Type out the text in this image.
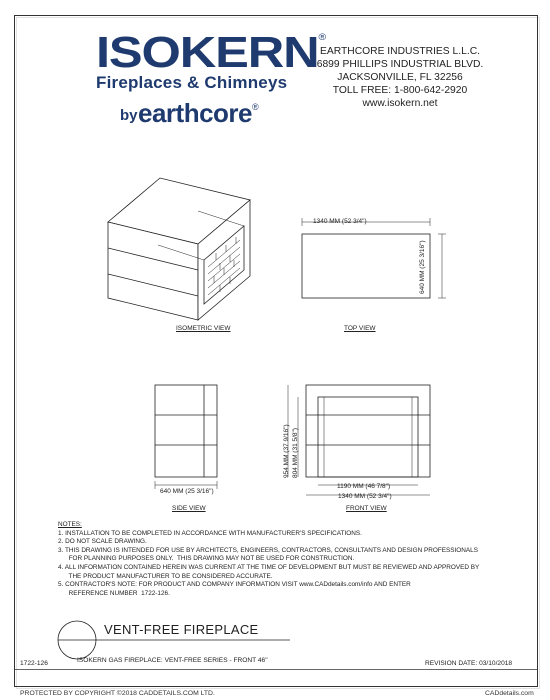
ISOKERN®
Fireplaces & Chimneys
by earthcore®
EARTHCORE INDUSTRIES L.L.C.
6899 PHILLIPS INDUSTRIAL BLVD.
JACKSONVILLE, FL 32256
TOLL FREE: 1-800-642-2920
www.isokern.net
ISOMETRIC VIEW
1340 MM (52 3/4")
640 MM (25 3/16")
TOP VIEW
640 MM (25 3/16")
SIDE VIEW
954 MM (37 9/16") 804 MM (31 5/8")
1190 MM (46 7/8")
1340 MM (52 3/4")
FRONT VIEW
NOTES:
1. INSTALLATION TO BE COMPLETED IN ACCORDANCE WITH MANUFACTURER'S SPECIFICATIONS.
2. DO NOT SCALE DRAWING.
3. THIS DRAWING IS INTENDED FOR USE BY ARCHITECTS, ENGINEERS, CONTRACTORS, CONSULTANTS AND DESIGN PROFESSIONALS
FOR PLANNING PURPOSES ONLY.  THIS DRAWING MAY NOT BE USED FOR CONSTRUCTION.
4. ALL INFORMATION CONTAINED HEREIN WAS CURRENT AT THE TIME OF DEVELOPMENT BUT MUST BE REVIEWED AND APPROVED BY
THE PRODUCT MANUFACTURER TO BE CONSIDERED ACCURATE.
5. CONTRACTOR'S NOTE: FOR PRODUCT AND COMPANY INFORMATION VISIT www.CADdetails.com/info AND ENTER
REFERENCE NUMBER  1722-126.
VENT-FREE FIREPLACE
ISOKERN GAS FIREPLACE: VENT-FREE SERIES - FRONT 46"
1722-126	REVISION DATE: 03/10/2018
PROTECTED BY COPYRIGHT ©2018 CADDETAILS.COM LTD.	CADdetails.com
